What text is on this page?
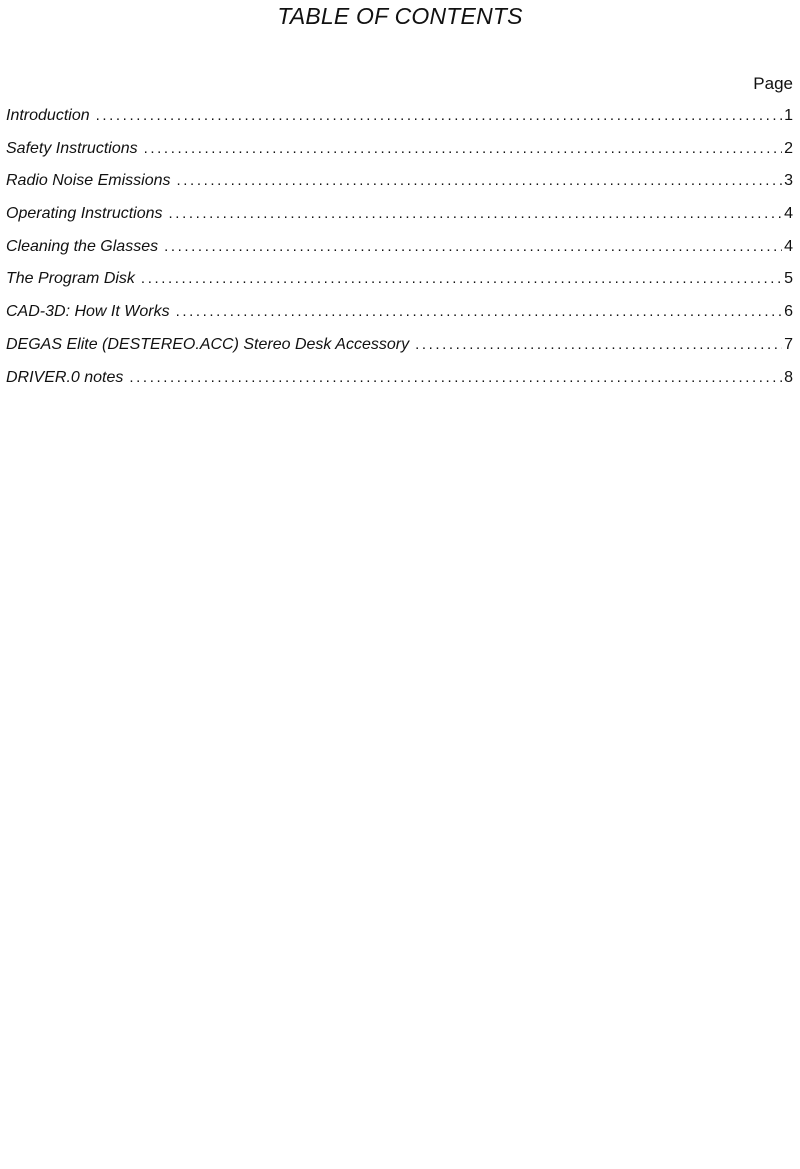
TABLE OF CONTENTS
Page
Introduction .....	1
Safety Instructions .....	2
Radio Noise Emissions .....	3
Operating Instructions .....	4
Cleaning the Glasses .....	4
The Program Disk .....	5
CAD-3D: How It Works .....	6
DEGAS Elite (DESTEREO.ACC) Stereo Desk Accessory .....	7
DRIVER.0 notes .....	8
